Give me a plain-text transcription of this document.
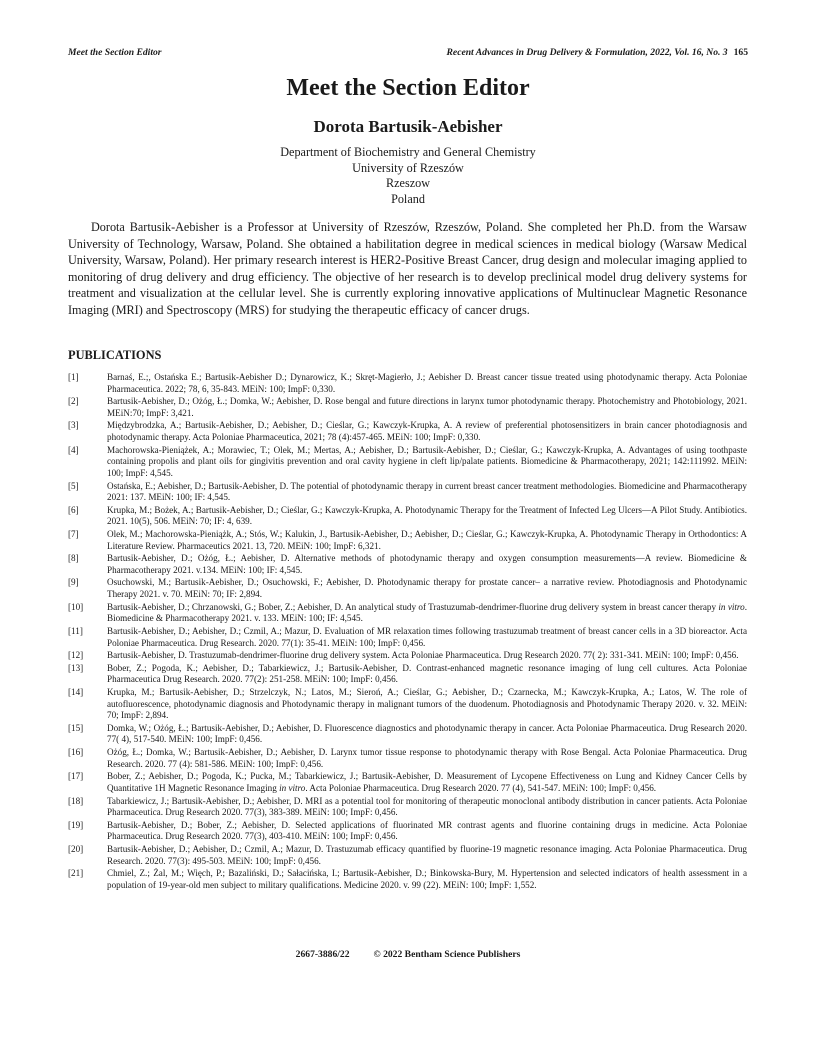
Meet the Section Editor	Recent Advances in Drug Delivery & Formulation, 2022, Vol. 16, No. 3 165
Meet the Section Editor
Dorota Bartusik-Aebisher
Department of Biochemistry and General Chemistry
University of Rzeszów
Rzeszow
Poland

Dorota Bartusik-Aebisher is a Professor at University of Rzeszów, Rzeszów, Poland. She completed her Ph.D. from the Warsaw University of Technology, Warsaw, Poland. She obtained a habilitation degree in medical sciences in medical biology (Warsaw Medical University, Warsaw, Poland). Her primary research interest is HER2-Positive Breast Cancer, drug design and molecular imaging applied to monitoring of drug delivery and drug efficiency. The objective of her research is to develop preclinical model drug delivery systems for treatment and visualization at the cellular level. She is currently exploring innovative applications of Multinuclear Magnetic Resonance Imaging (MRI) and Spectroscopy (MRS) for studying the therapeutic efficacy of cancer drugs.

PUBLICATIONS
[1]	Barnaś, E.;, Ostańska E.; Bartusik-Aebisher D.; Dynarowicz, K.; Skręt-Magierło, J.; Aebisher D. Breast cancer tissue treated using photodynamic therapy. Acta Poloniae Pharmaceutica. 2022; 78, 6, 35-843. MEiN: 100; ImpF: 0,330.
[2]	Bartusik-Aebisher, D.; Ożóg, Ł.; Domka, W.; Aebisher, D. Rose bengal and future directions in larynx tumor photodynamic therapy. Photochemistry and Photobiology, 2021. MEiN:70; ImpF: 3,421.
[3]	Międzybrodzka, A.; Bartusik-Aebisher, D.; Aebisher, D.; Cieślar, G.; Kawczyk-Krupka, A. A review of preferential photosensitizers in brain cancer photodiagnosis and photodynamic therapy. Acta Poloniae Pharmaceutica, 2021; 78 (4):457-465. MEiN: 100; ImpF: 0,330.
[4]	Machorowska-Pieniążek, A.; Morawiec, T.; Olek, M.; Mertas, A.; Aebisher, D.; Bartusik-Aebisher, D.; Cieślar, G.; Kawczyk-Krupka, A. Advantages of using toothpaste containing propolis and plant oils for gingivitis prevention and oral cavity hygiene in cleft lip/palate patients. Biomedicine & Pharmacotherapy, 2021; 142:111992. MEiN: 100; ImpF: 4,545.
[5]	Ostańska, E.; Aebisher, D.; Bartusik-Aebisher, D. The potential of photodynamic therapy in current breast cancer treatment methodologies. Biomedicine and Pharmacotherapy 2021: 137. MEiN: 100; IF: 4,545.
[6]	Krupka, M.; Bożek, A.; Bartusik-Aebisher, D.; Cieślar, G.; Kawczyk-Krupka, A. Photodynamic Therapy for the Treatment of Infected Leg Ulcers—A Pilot Study. Antibiotics. 2021. 10(5), 506. MEiN: 70; IF: 4, 639.
[7]	Olek, M.; Machorowska-Pieniążk, A.; Stós, W.; Kalukin, J., Bartusik-Aebisher, D.; Aebisher, D.; Cieślar, G.; Kawczyk-Krupka, A. Photodynamic Therapy in Orthodontics: A Literature Review. Pharmaceutics 2021. 13, 720. MEiN: 100; ImpF: 6,321.
[8]	Bartusik-Aebisher, D.; Ożóg, Ł.; Aebisher, D. Alternative methods of photodynamic therapy and oxygen consumption measurements—A review. Biomedicine & Pharmacotherapy 2021. v.134. MEiN: 100; IF: 4,545.
[9]	Osuchowski, M.; Bartusik-Aebisher, D.; Osuchowski, F.; Aebisher, D. Photodynamic therapy for prostate cancer– a narrative review. Photodiagnosis and Photodynamic Therapy 2021. v. 70. MEiN: 70; IF: 2,894.
[10]	Bartusik-Aebisher, D.; Chrzanowski, G.; Bober, Z.; Aebisher, D. An analytical study of Trastuzumab-dendrimer-fluorine drug delivery system in breast cancer therapy in vitro. Biomedicine & Pharmacotherapy 2021. v. 133. MEiN: 100; IF: 4,545.
[11]	Bartusik-Aebisher, D.; Aebisher, D.; Czmil, A.; Mazur, D. Evaluation of MR relaxation times following trastuzumab treatment of breast cancer cells in a 3D bioreactor. Acta Poloniae Pharmaceutica. Drug Research. 2020. 77(1): 35-41. MEiN: 100; ImpF: 0,456.
[12]	Bartusik-Aebisher, D. Trastuzumab-dendrimer-fluorine drug delivery system. Acta Poloniae Pharmaceutica. Drug Research 2020. 77( 2): 331-341. MEiN: 100; ImpF: 0,456.
[13]	Bober, Z.; Pogoda, K.; Aebisher, D.; Tabarkiewicz, J.; Bartusik-Aebisher, D. Contrast-enhanced magnetic resonance imaging of lung cell cultures. Acta Poloniae Pharmaceutica Drug Research. 2020. 77(2): 251-258. MEiN: 100; ImpF: 0,456.
[14]	Krupka, M.; Bartusik-Aebisher, D.; Strzelczyk, N.; Latos, M.; Sieroń, A.; Cieślar, G.; Aebisher, D.; Czarnecka, M.; Kawczyk-Krupka, A.; Latos, W. The role of autofluorescence, photodynamic diagnosis and Photodynamic therapy in malignant tumors of the duodenum. Photodiagnosis and Photodynamic Therapy 2020. v. 32. MEiN: 70; ImpF: 2,894.
[15]	Domka, W.; Ożóg, Ł.; Bartusik-Aebisher, D.; Aebisher, D. Fluorescence diagnostics and photodynamic therapy in cancer. Acta Poloniae Pharmaceutica. Drug Research 2020. 77( 4), 517-540. MEiN: 100; ImpF: 0,456.
[16]	Ożóg, Ł.; Domka, W.; Bartusik-Aebisher, D.; Aebisher, D. Larynx tumor tissue response to photodynamic therapy with Rose Bengal. Acta Poloniae Pharmaceutica. Drug Research. 2020. 77 (4): 581-586. MEiN: 100; ImpF: 0,456.
[17]	Bober, Z.; Aebisher, D.; Pogoda, K.; Pucka, M.; Tabarkiewicz, J.; Bartusik-Aebisher, D. Measurement of Lycopene Effectiveness on Lung and Kidney Cancer Cells by Quantitative 1H Magnetic Resonance Imaging in vitro. Acta Poloniae Pharmaceutica. Drug Research 2020. 77 (4), 541-547. MEiN: 100; ImpF: 0,456.
[18]	Tabarkiewicz, J.; Bartusik-Aebisher, D.; Aebisher, D. MRI as a potential tool for monitoring of therapeutic monoclonal antibody distribution in cancer patients. Acta Poloniae Pharmaceutica. Drug Research 2020. 77(3), 383-389. MEiN: 100; ImpF: 0,456.
[19]	Bartusik-Aebisher, D.; Bober, Z.; Aebisher, D. Selected applications of fluorinated MR contrast agents and fluorine containing drugs in medicine. Acta Poloniae Pharmaceutica. Drug Research 2020. 77(3), 403-410. MEiN: 100; ImpF: 0,456.
[20]	Bartusik-Aebisher, D.; Aebisher, D.; Czmil, A.; Mazur, D. Trastuzumab efficacy quantified by fluorine-19 magnetic resonance imaging. Acta Poloniae Pharmaceutica. Drug Research. 2020. 77(3): 495-503. MEiN: 100; ImpF: 0,456.
[21]	Chmiel, Z.; Żal, M.; Więch, P.; Bazaliński, D.; Sałacińska, I.; Bartusik-Aebisher, D.; Binkowska-Bury, M. Hypertension and selected indicators of health assessment in a population of 19-year-old men subject to military qualifications. Medicine 2020. v. 99 (22). MEiN: 100; ImpF: 1,552.
2667-3886/22	© 2022 Bentham Science Publishers
